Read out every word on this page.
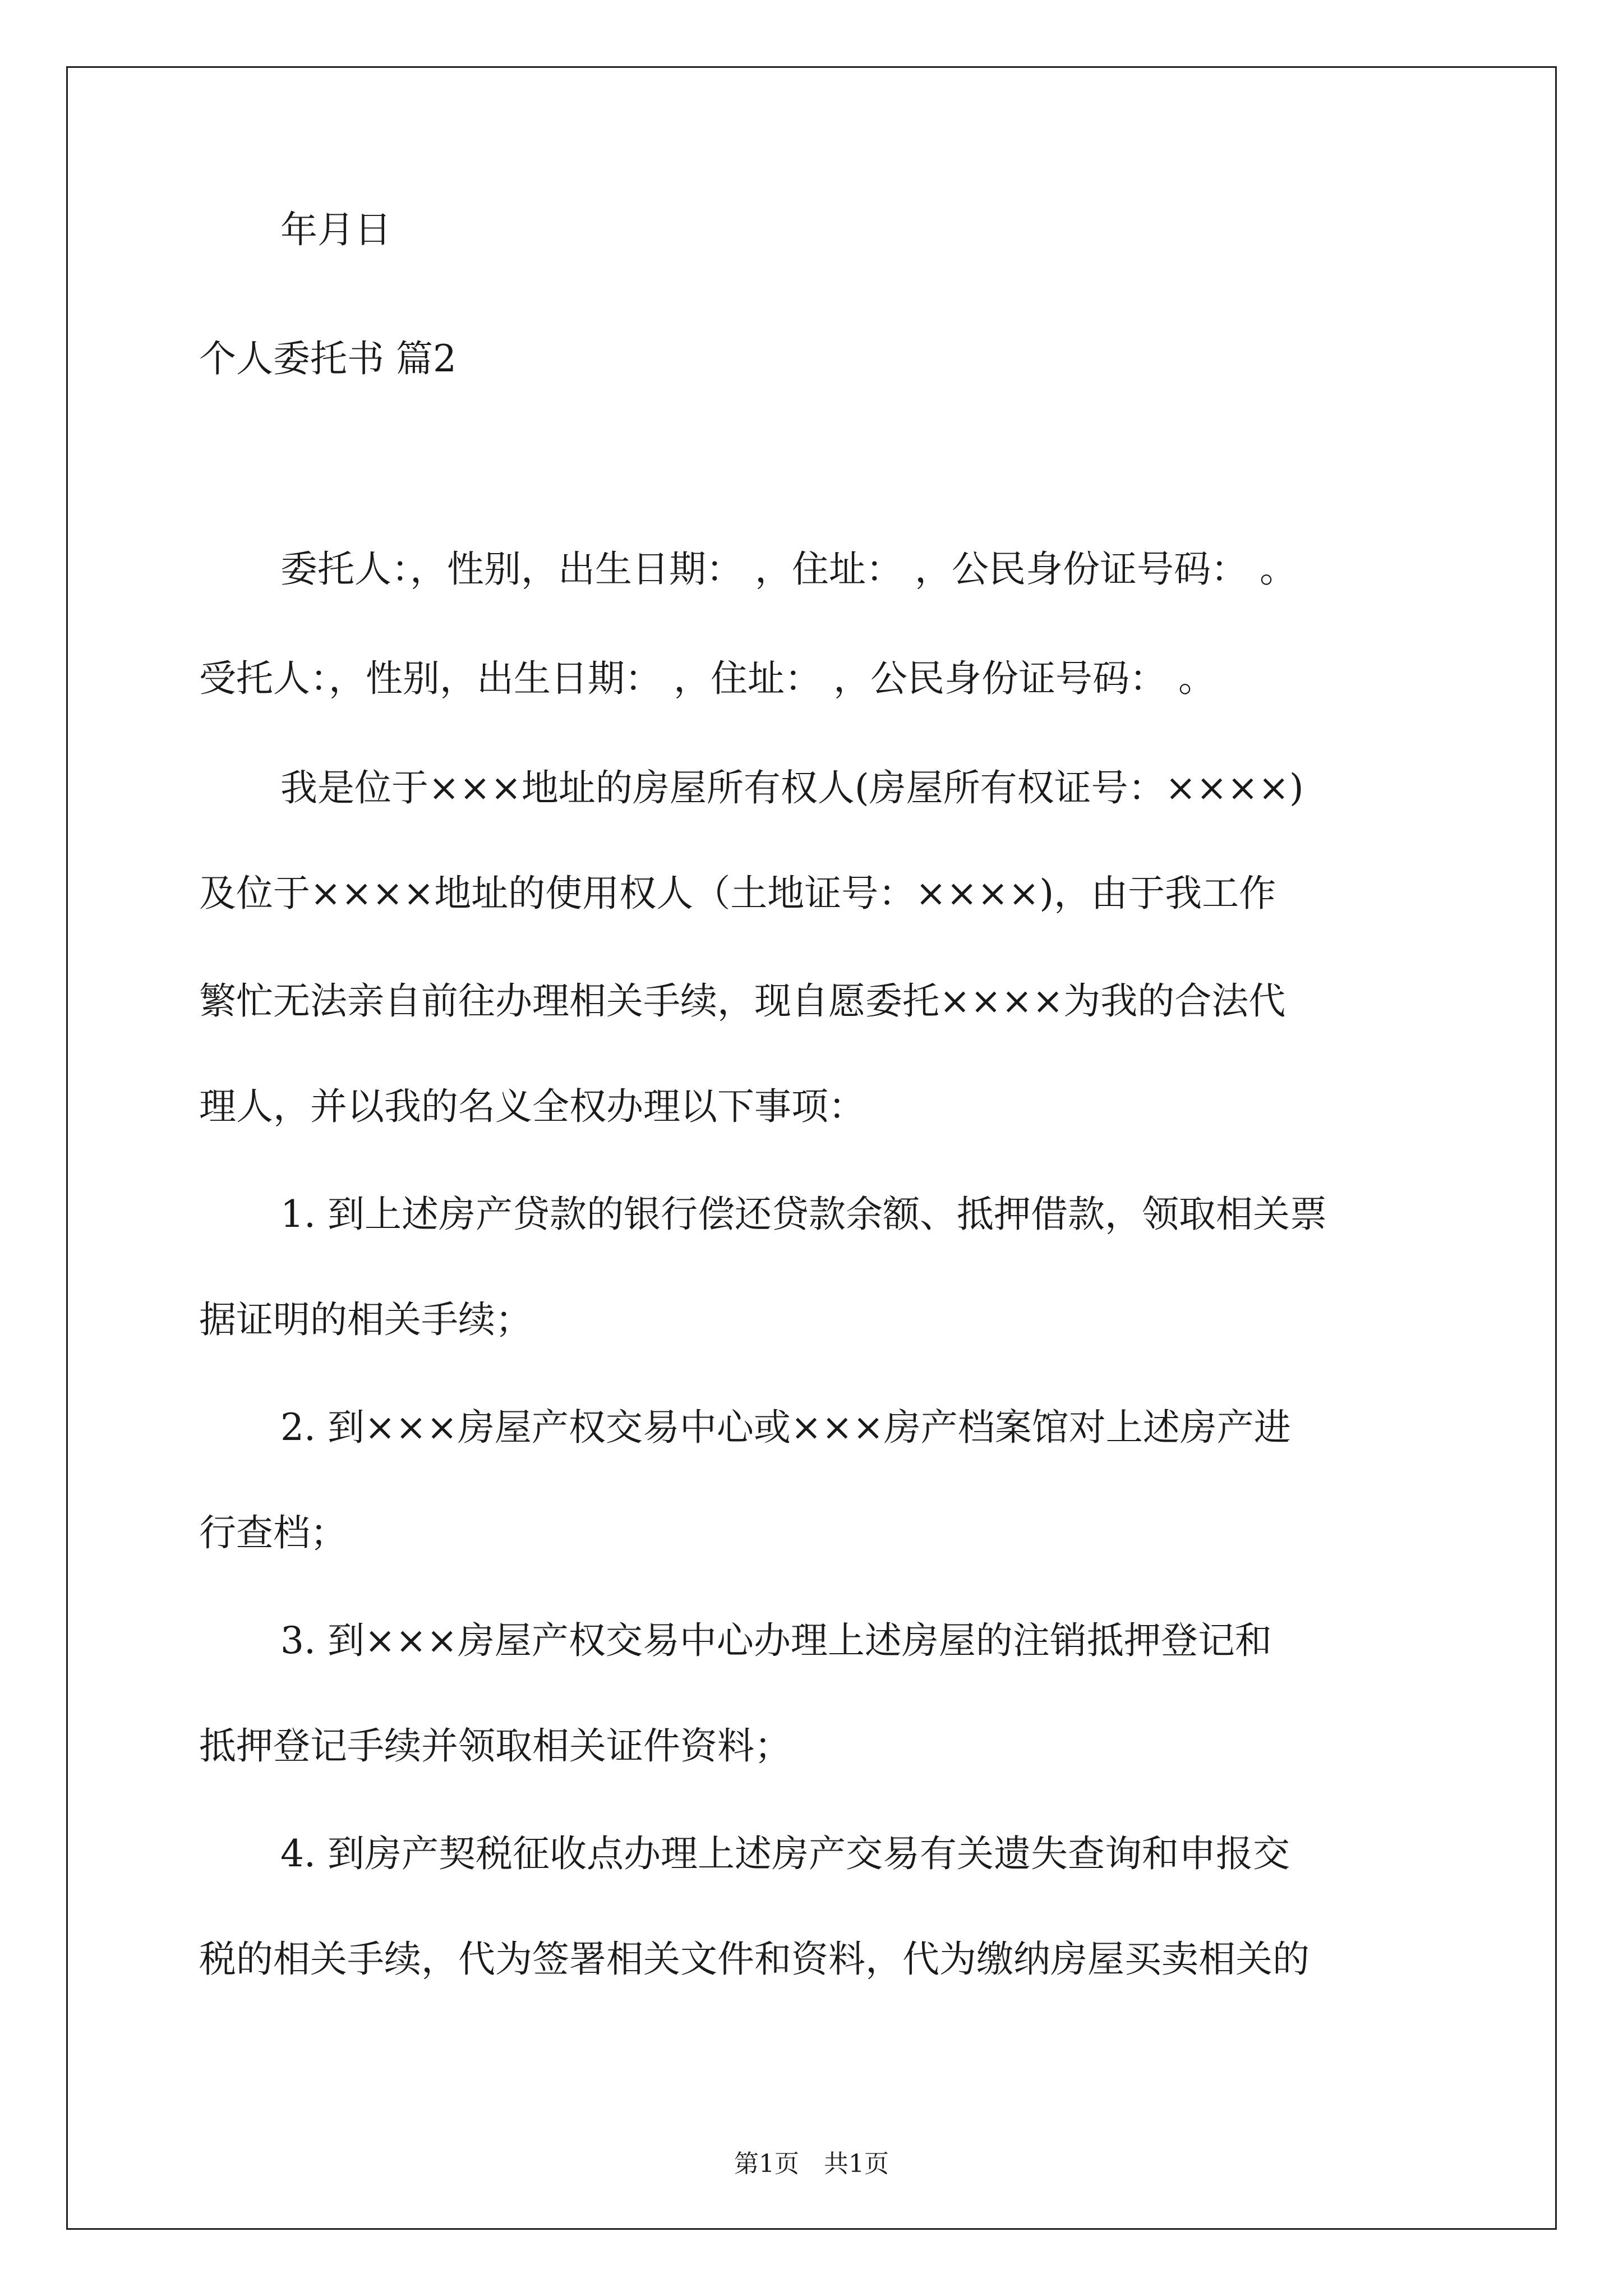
年月日

个人委托书 篇2

委托人：，性别，出生日期： ，住址： ，公民身份证号码： 。

受托人：，性别，出生日期： ，住址： ，公民身份证号码： 。

我是位于×××地址的房屋所有权人(房屋所有权证号：××××)

及位于××××地址的使用权人（土地证号：××××)，由于我工作

繁忙无法亲自前往办理相关手续，现自愿委托××××为我的合法代

理人，并以我的名义全权办理以下事项：

1. 到上述房产贷款的银行偿还贷款余额、抵押借款，领取相关票

据证明的相关手续；

2. 到×××房屋产权交易中心或×××房产档案馆对上述房产进

行查档；

3. 到×××房屋产权交易中心办理上述房屋的注销抵押登记和

抵押登记手续并领取相关证件资料；

4. 到房产契税征收点办理上述房产交易有关遗失查询和申报交

税的相关手续，代为签署相关文件和资料，代为缴纳房屋买卖相关的

第1页　共1页
